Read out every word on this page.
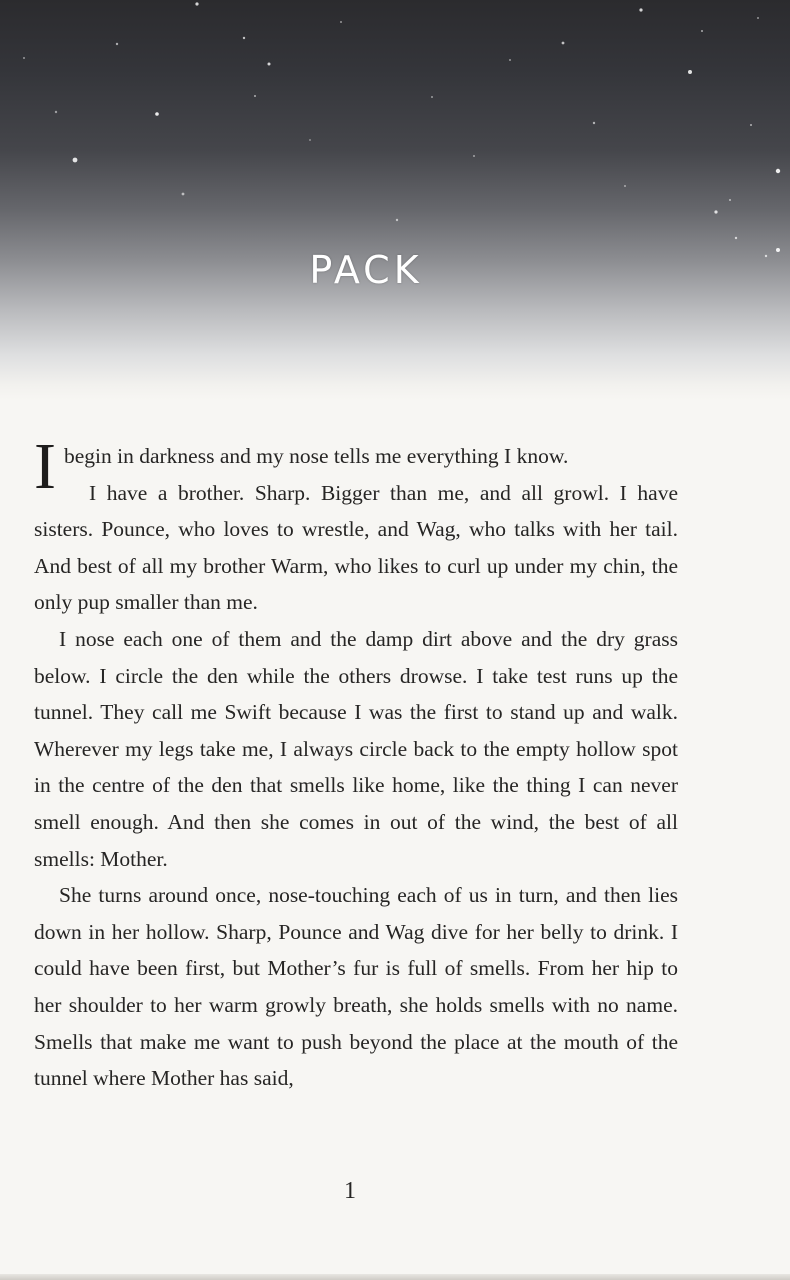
PACK

I begin in darkness and my nose tells me everything I know.

I have a brother. Sharp. Bigger than me, and all growl. I have sisters. Pounce, who loves to wrestle, and Wag, who talks with her tail. And best of all my brother Warm, who likes to curl up under my chin, the only pup smaller than me.

I nose each one of them and the damp dirt above and the dry grass below. I circle the den while the others drowse. I take test runs up the tunnel. They call me Swift because I was the first to stand up and walk. Wherever my legs take me, I always circle back to the empty hollow spot in the centre of the den that smells like home, like the thing I can never smell enough. And then she comes in out of the wind, the best of all smells: Mother.

She turns around once, nose-touching each of us in turn, and then lies down in her hollow. Sharp, Pounce and Wag dive for her belly to drink. I could have been first, but Mother’s fur is full of smells. From her hip to her shoulder to her warm growly breath, she holds smells with no name. Smells that make me want to push beyond the place at the mouth of the tunnel where Mother has said,

1
